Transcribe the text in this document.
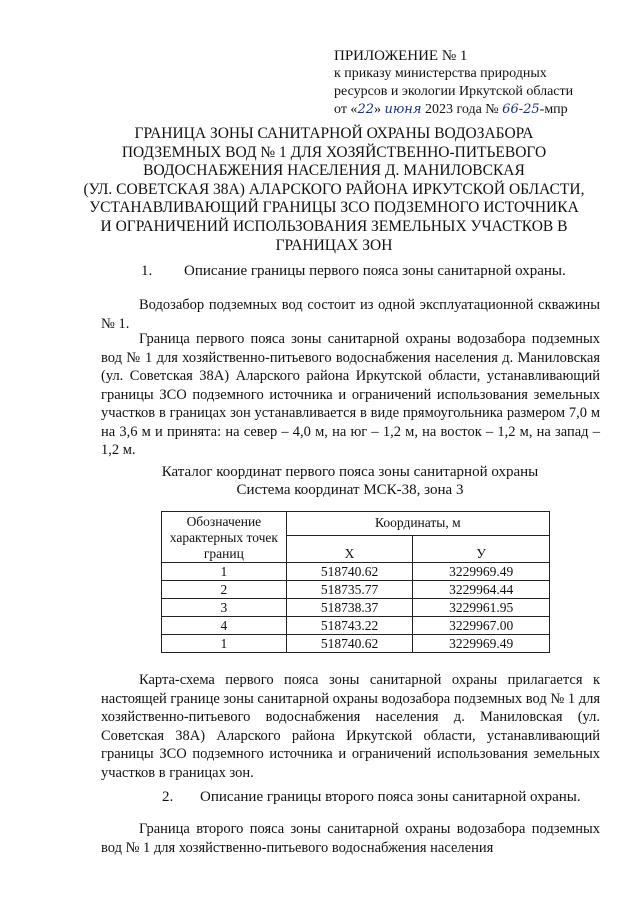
ПРИЛОЖЕНИЕ № 1
к приказу министерства природных
ресурсов и экологии Иркутской области
от «22» июня 2023 года № 66-25-мпр
ГРАНИЦА ЗОНЫ САНИТАРНОЙ ОХРАНЫ ВОДОЗАБОРА
ПОДЗЕМНЫХ ВОД № 1 ДЛЯ ХОЗЯЙСТВЕННО-ПИТЬЕВОГО
ВОДОСНАБЖЕНИЯ НАСЕЛЕНИЯ Д. МАНИЛОВСКАЯ
(УЛ. СОВЕТСКАЯ 38А) АЛАРСКОГО РАЙОНА ИРКУТСКОЙ ОБЛАСТИ,
УСТАНАВЛИВАЮЩИЙ ГРАНИЦЫ ЗСО ПОДЗЕМНОГО ИСТОЧНИКА
И ОГРАНИЧЕНИЙ ИСПОЛЬЗОВАНИЯ ЗЕМЕЛЬНЫХ УЧАСТКОВ В
ГРАНИЦАХ ЗОН
1. Описание границы первого пояса зоны санитарной охраны.
Водозабор подземных вод состоит из одной эксплуатационной скважины № 1.
Граница первого пояса зоны санитарной охраны водозабора подземных вод № 1 для хозяйственно-питьевого водоснабжения населения д. Маниловская (ул. Советская 38А) Аларского района Иркутской области, устанавливающий границы ЗСО подземного источника и ограничений использования земельных участков в границах зон устанавливается в виде прямоугольника размером 7,0 м на 3,6 м и принята: на север – 4,0 м, на юг – 1,2 м, на восток – 1,2 м, на запад – 1,2 м.
Каталог координат первого пояса зоны санитарной охраны
Система координат МСК-38, зона 3
Обозначение характерных точек границ	Координаты, м	
	X	У
1	518740.62	3229969.49
2	518735.77	3229964.44
3	518738.37	3229961.95
4	518743.22	3229967.00
1	518740.62	3229969.49
Карта-схема первого пояса зоны санитарной охраны прилагается к настоящей границе зоны санитарной охраны водозабора подземных вод № 1 для хозяйственно-питьевого водоснабжения населения д. Маниловская (ул. Советская 38А) Аларского района Иркутской области, устанавливающий границы ЗСО подземного источника и ограничений использования земельных участков в границах зон.
2. Описание границы второго пояса зоны санитарной охраны.
Граница второго пояса зоны санитарной охраны водозабора подземных вод № 1 для хозяйственно-питьевого водоснабжения населения
